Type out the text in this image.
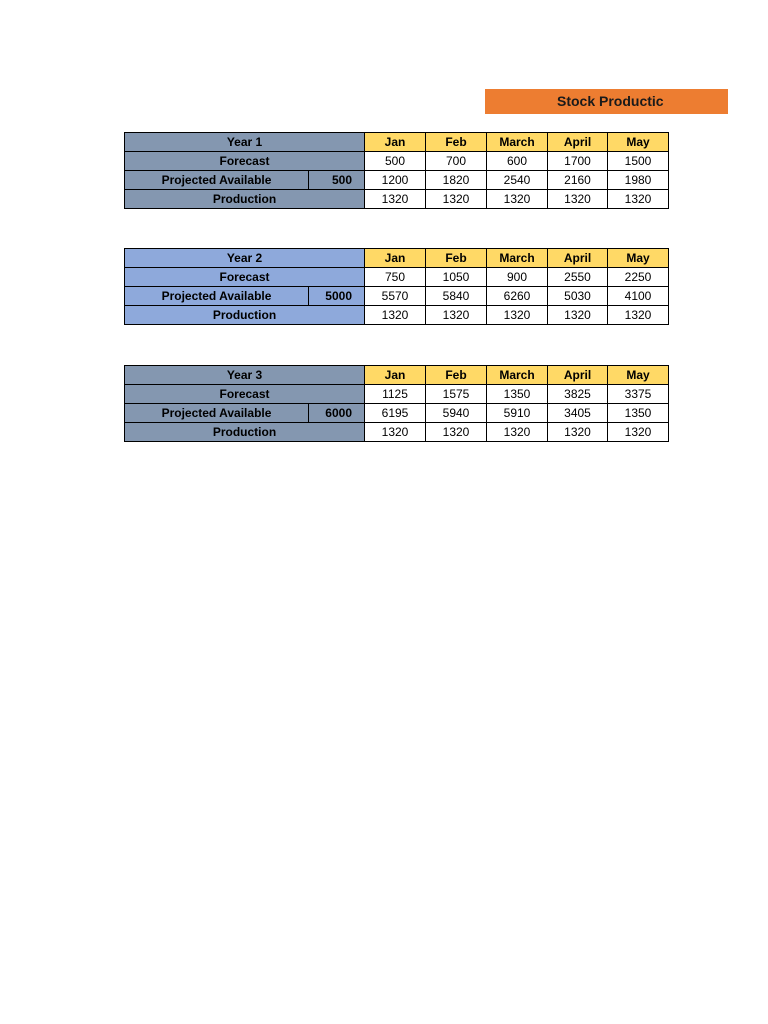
Stock Productic
Year 1		Jan	Feb	March	April	May
Forecast		500	700	600	1700	1500
Projected Available	500	1200	1820	2540	2160	1980
Production		1320	1320	1320	1320	1320
Year 2		Jan	Feb	March	April	May
Forecast		750	1050	900	2550	2250
Projected Available	5000	5570	5840	6260	5030	4100
Production		1320	1320	1320	1320	1320
Year 3		Jan	Feb	March	April	May
Forecast		1125	1575	1350	3825	3375
Projected Available	6000	6195	5940	5910	3405	1350
Production		1320	1320	1320	1320	1320
